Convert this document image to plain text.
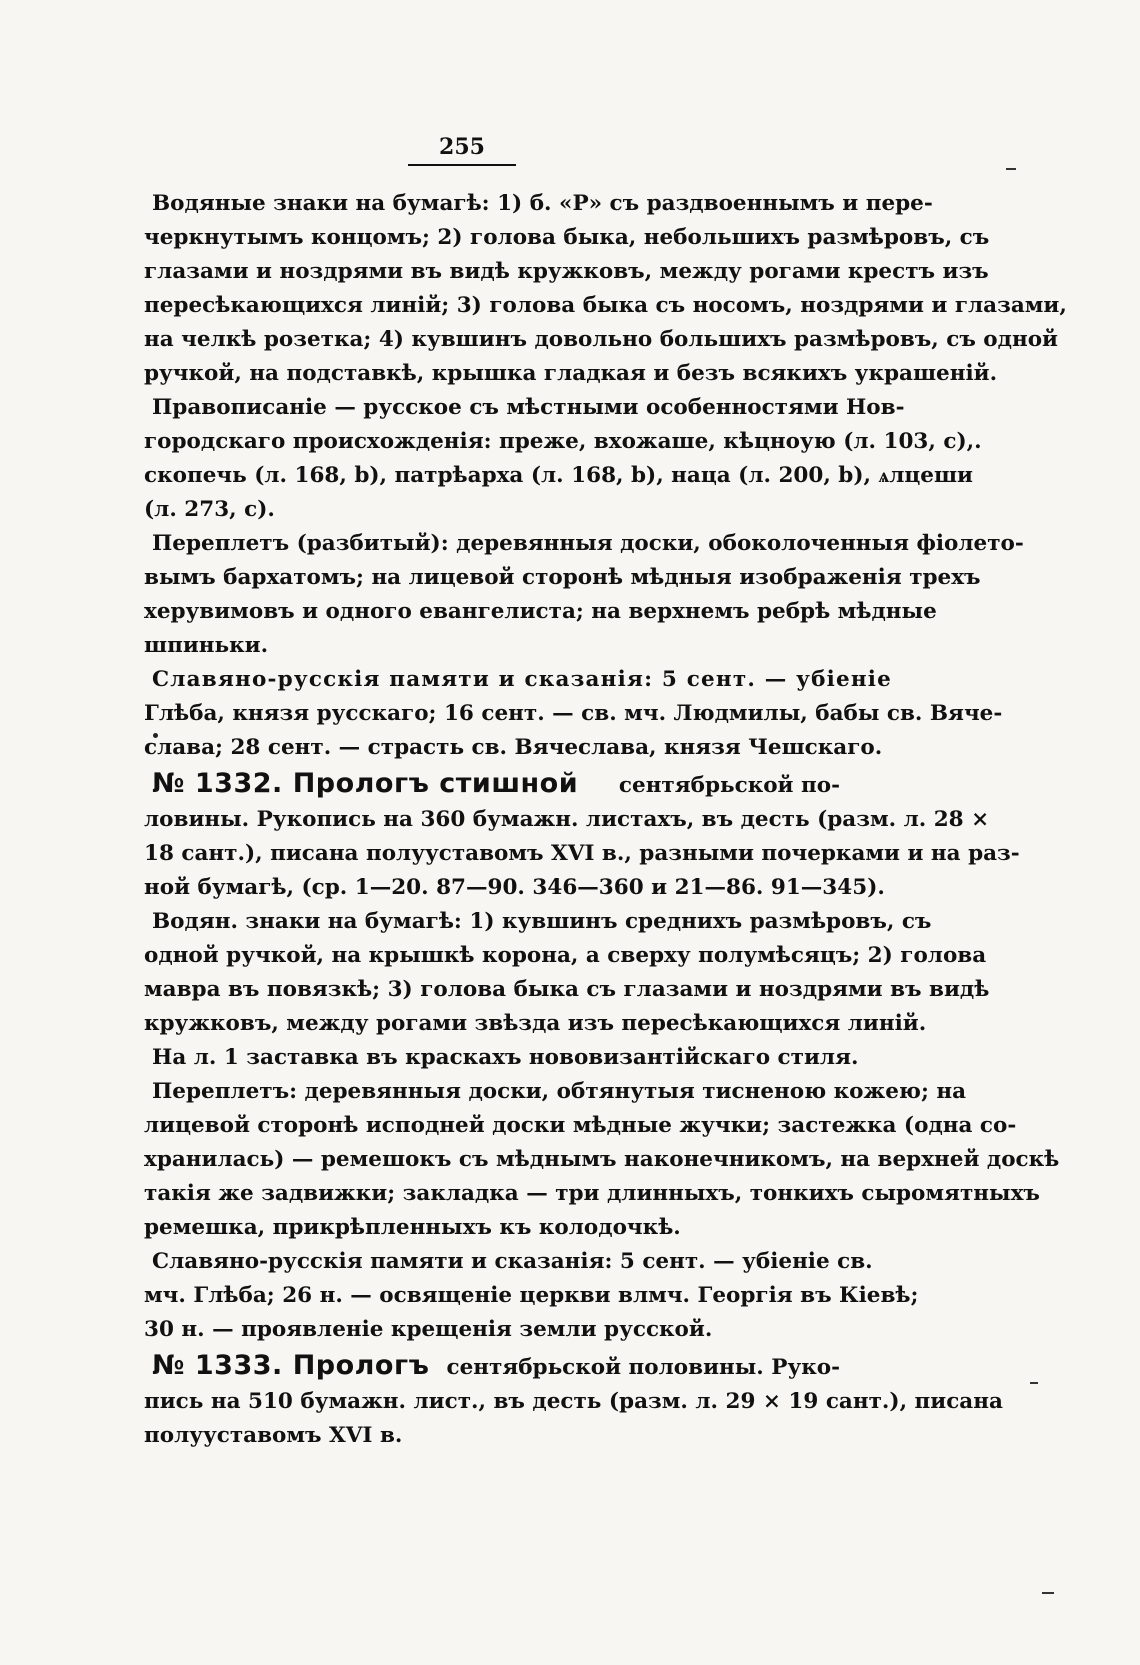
255
Водяные знаки на бумагѣ: 1) б. «Р» съ раздвоеннымъ и пере-
черкнутымъ концомъ; 2) голова быка, небольшихъ размѣровъ, съ
глазами и ноздрями въ видѣ кружковъ, между рогами крестъ изъ
пересѣкающихся линій; 3) голова быка съ носомъ, ноздрями и глазами,
на челкѣ розетка; 4) кувшинъ довольно большихъ размѣровъ, съ одной
ручкой, на подставкѣ, крышка гладкая и безъ всякихъ украшеній.
Правописаніе — русское съ мѣстными особенностями Нов-
городскаго происхожденія: преже, вхожаше, кѣцноую (л. 103, с),.
скопечь (л. 168, b), патрѣарха (л. 168, b), наца (л. 200, b), ѧлцеши
(л. 273, с).
Переплетъ (разбитый): деревянныя доски, обоколоченныя фіолето-
вымъ бархатомъ; на лицевой сторонѣ мѣдныя изображенія трехъ
херувимовъ и одного евангелиста; на верхнемъ ребрѣ мѣдные
шпиньки.
Славяно-русскія памяти и сказанія: 5 сент. — убіеніе
Глѣба, князя русскаго; 16 сент. — св. мч. Людмилы, бабы св. Вяче-
слава; 28 сент. — страсть св. Вячеслава, князя Чешскаго.
№ 1332. Прологъ стишной сентябрьской по-
ловины. Рукопись на 360 бумажн. листахъ, въ десть (разм. л. 28 ×
18 сант.), писана полууставомъ XVI в., разными почерками и на раз-
ной бумагѣ, (ср. 1—20. 87—90. 346—360 и 21—86. 91—345).
Водян. знаки на бумагѣ: 1) кувшинъ среднихъ размѣровъ, съ
одной ручкой, на крышкѣ корона, а сверху полумѣсяцъ; 2) голова
мавра въ повязкѣ; 3) голова быка съ глазами и ноздрями въ видѣ
кружковъ, между рогами звѣзда изъ пересѣкающихся линій.
На л. 1 заставка въ краскахъ нововизантійскаго стиля.
Переплетъ: деревянныя доски, обтянутыя тисненою кожею; на
лицевой сторонѣ исподней доски мѣдные жучки; застежка (одна со-
хранилась) — ремешокъ съ мѣднымъ наконечникомъ, на верхней доскѣ
такія же задвижки; закладка — три длинныхъ, тонкихъ сыромятныхъ
ремешка, прикрѣпленныхъ къ колодочкѣ.
Славяно-русскія памяти и сказанія: 5 сент. — убіеніе св.
мч. Глѣба; 26 н. — освященіе церкви влмч. Георгія въ Кіевѣ;
30 н. — проявленіе крещенія земли русской.
№ 1333. Прологъ сентябрьской половины. Руко-
пись на 510 бумажн. лист., въ десть (разм. л. 29 × 19 сант.), писана
полууставомъ XVI в.
